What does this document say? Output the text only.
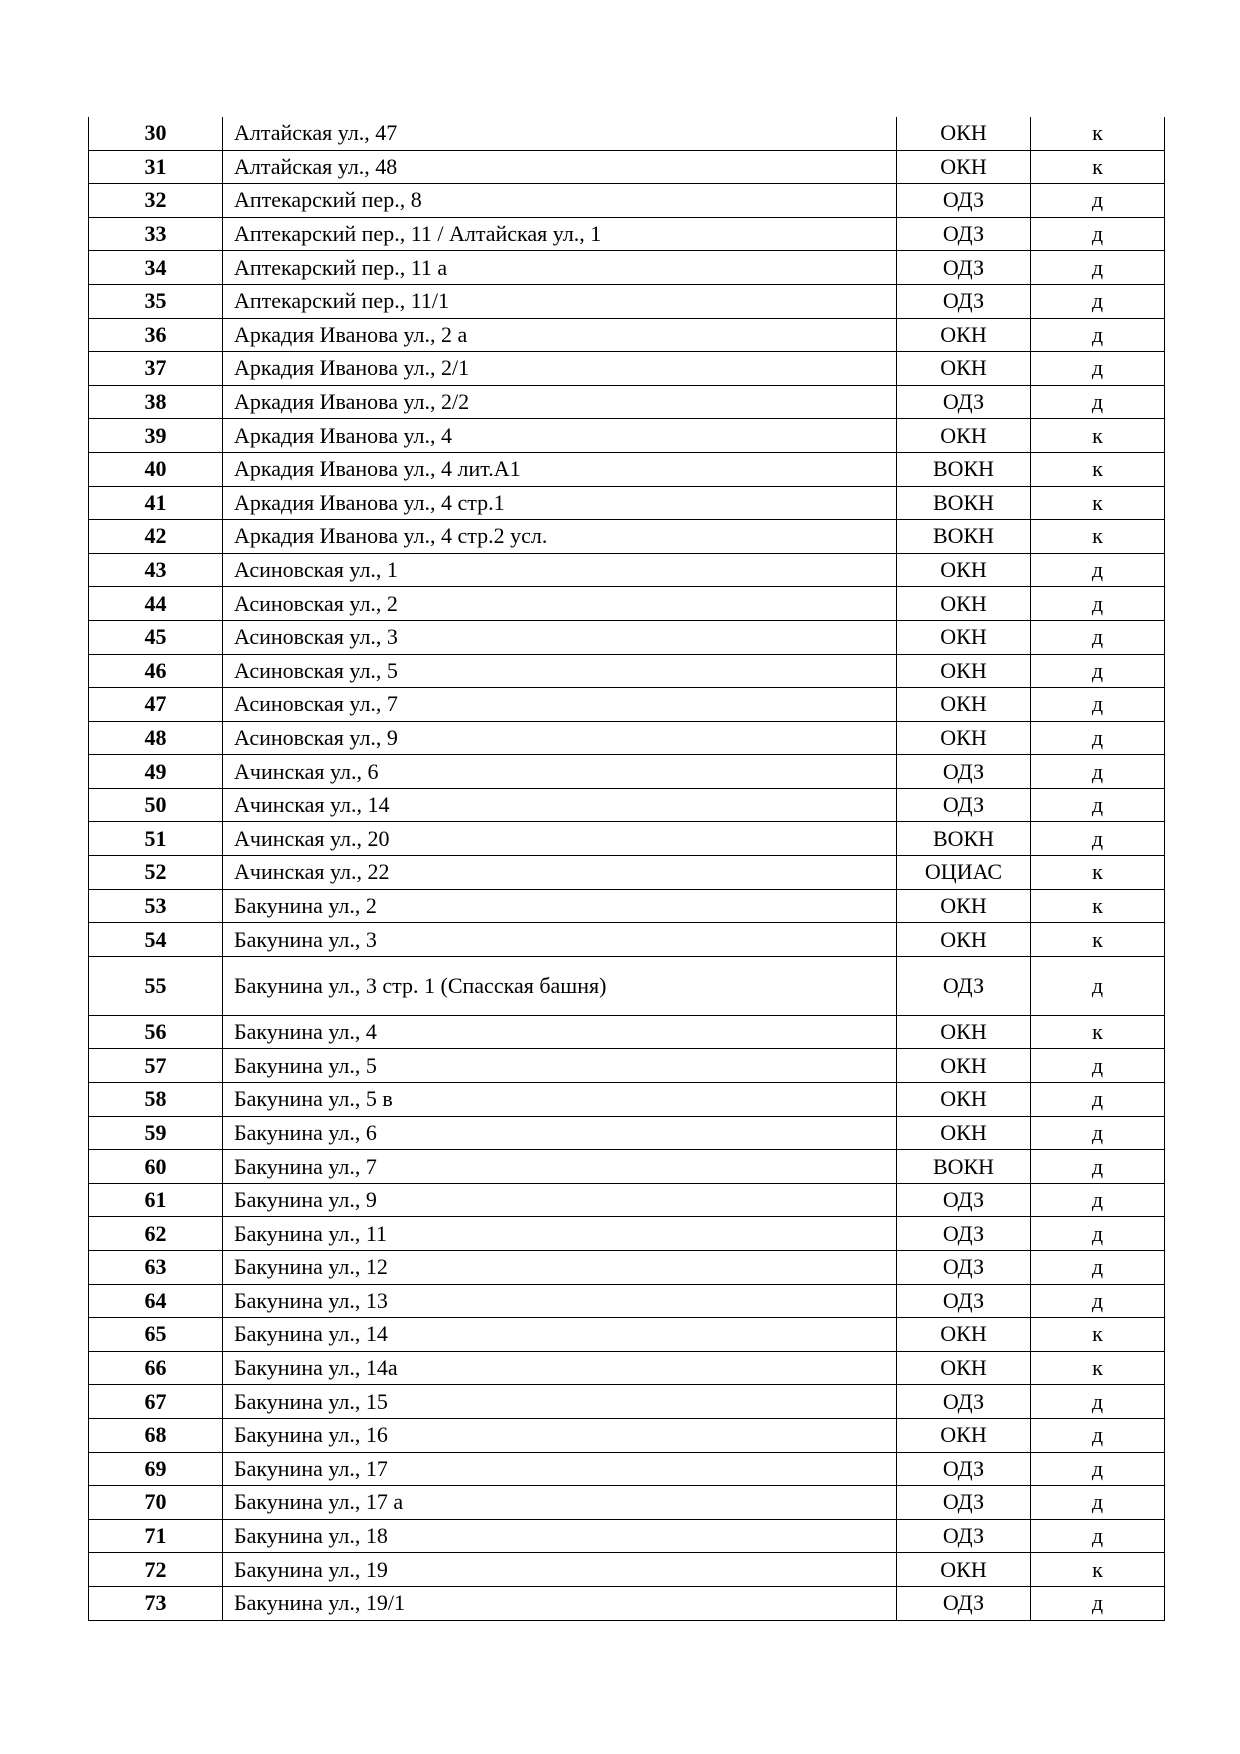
30	Алтайская ул., 47	ОКН	к
31	Алтайская ул., 48	ОКН	к
32	Аптекарский пер., 8	ОДЗ	д
33	Аптекарский пер., 11 / Алтайская ул., 1	ОДЗ	д
34	Аптекарский пер., 11 а	ОДЗ	д
35	Аптекарский пер., 11/1	ОДЗ	д
36	Аркадия Иванова ул., 2 а	ОКН	д
37	Аркадия Иванова ул., 2/1	ОКН	д
38	Аркадия Иванова ул., 2/2	ОДЗ	д
39	Аркадия Иванова ул., 4	ОКН	к
40	Аркадия Иванова ул., 4 лит.А1	ВОКН	к
41	Аркадия Иванова ул., 4 стр.1	ВОКН	к
42	Аркадия Иванова ул., 4 стр.2 усл.	ВОКН	к
43	Асиновская ул., 1	ОКН	д
44	Асиновская ул., 2	ОКН	д
45	Асиновская ул., 3	ОКН	д
46	Асиновская ул., 5	ОКН	д
47	Асиновская ул., 7	ОКН	д
48	Асиновская ул., 9	ОКН	д
49	Ачинская ул., 6	ОДЗ	д
50	Ачинская ул., 14	ОДЗ	д
51	Ачинская ул., 20	ВОКН	д
52	Ачинская ул., 22	ОЦИАС	к
53	Бакунина ул., 2	ОКН	к
54	Бакунина ул., 3	ОКН	к
55	Бакунина ул., 3 стр. 1 (Спасская башня)	ОДЗ	д
56	Бакунина ул., 4	ОКН	к
57	Бакунина ул., 5	ОКН	д
58	Бакунина ул., 5 в	ОКН	д
59	Бакунина ул., 6	ОКН	д
60	Бакунина ул., 7	ВОКН	д
61	Бакунина ул., 9	ОДЗ	д
62	Бакунина ул., 11	ОДЗ	д
63	Бакунина ул., 12	ОДЗ	д
64	Бакунина ул., 13	ОДЗ	д
65	Бакунина ул., 14	ОКН	к
66	Бакунина ул., 14а	ОКН	к
67	Бакунина ул., 15	ОДЗ	д
68	Бакунина ул., 16	ОКН	д
69	Бакунина ул., 17	ОДЗ	д
70	Бакунина ул., 17 а	ОДЗ	д
71	Бакунина ул., 18	ОДЗ	д
72	Бакунина ул., 19	ОКН	к
73	Бакунина ул., 19/1	ОДЗ	д
